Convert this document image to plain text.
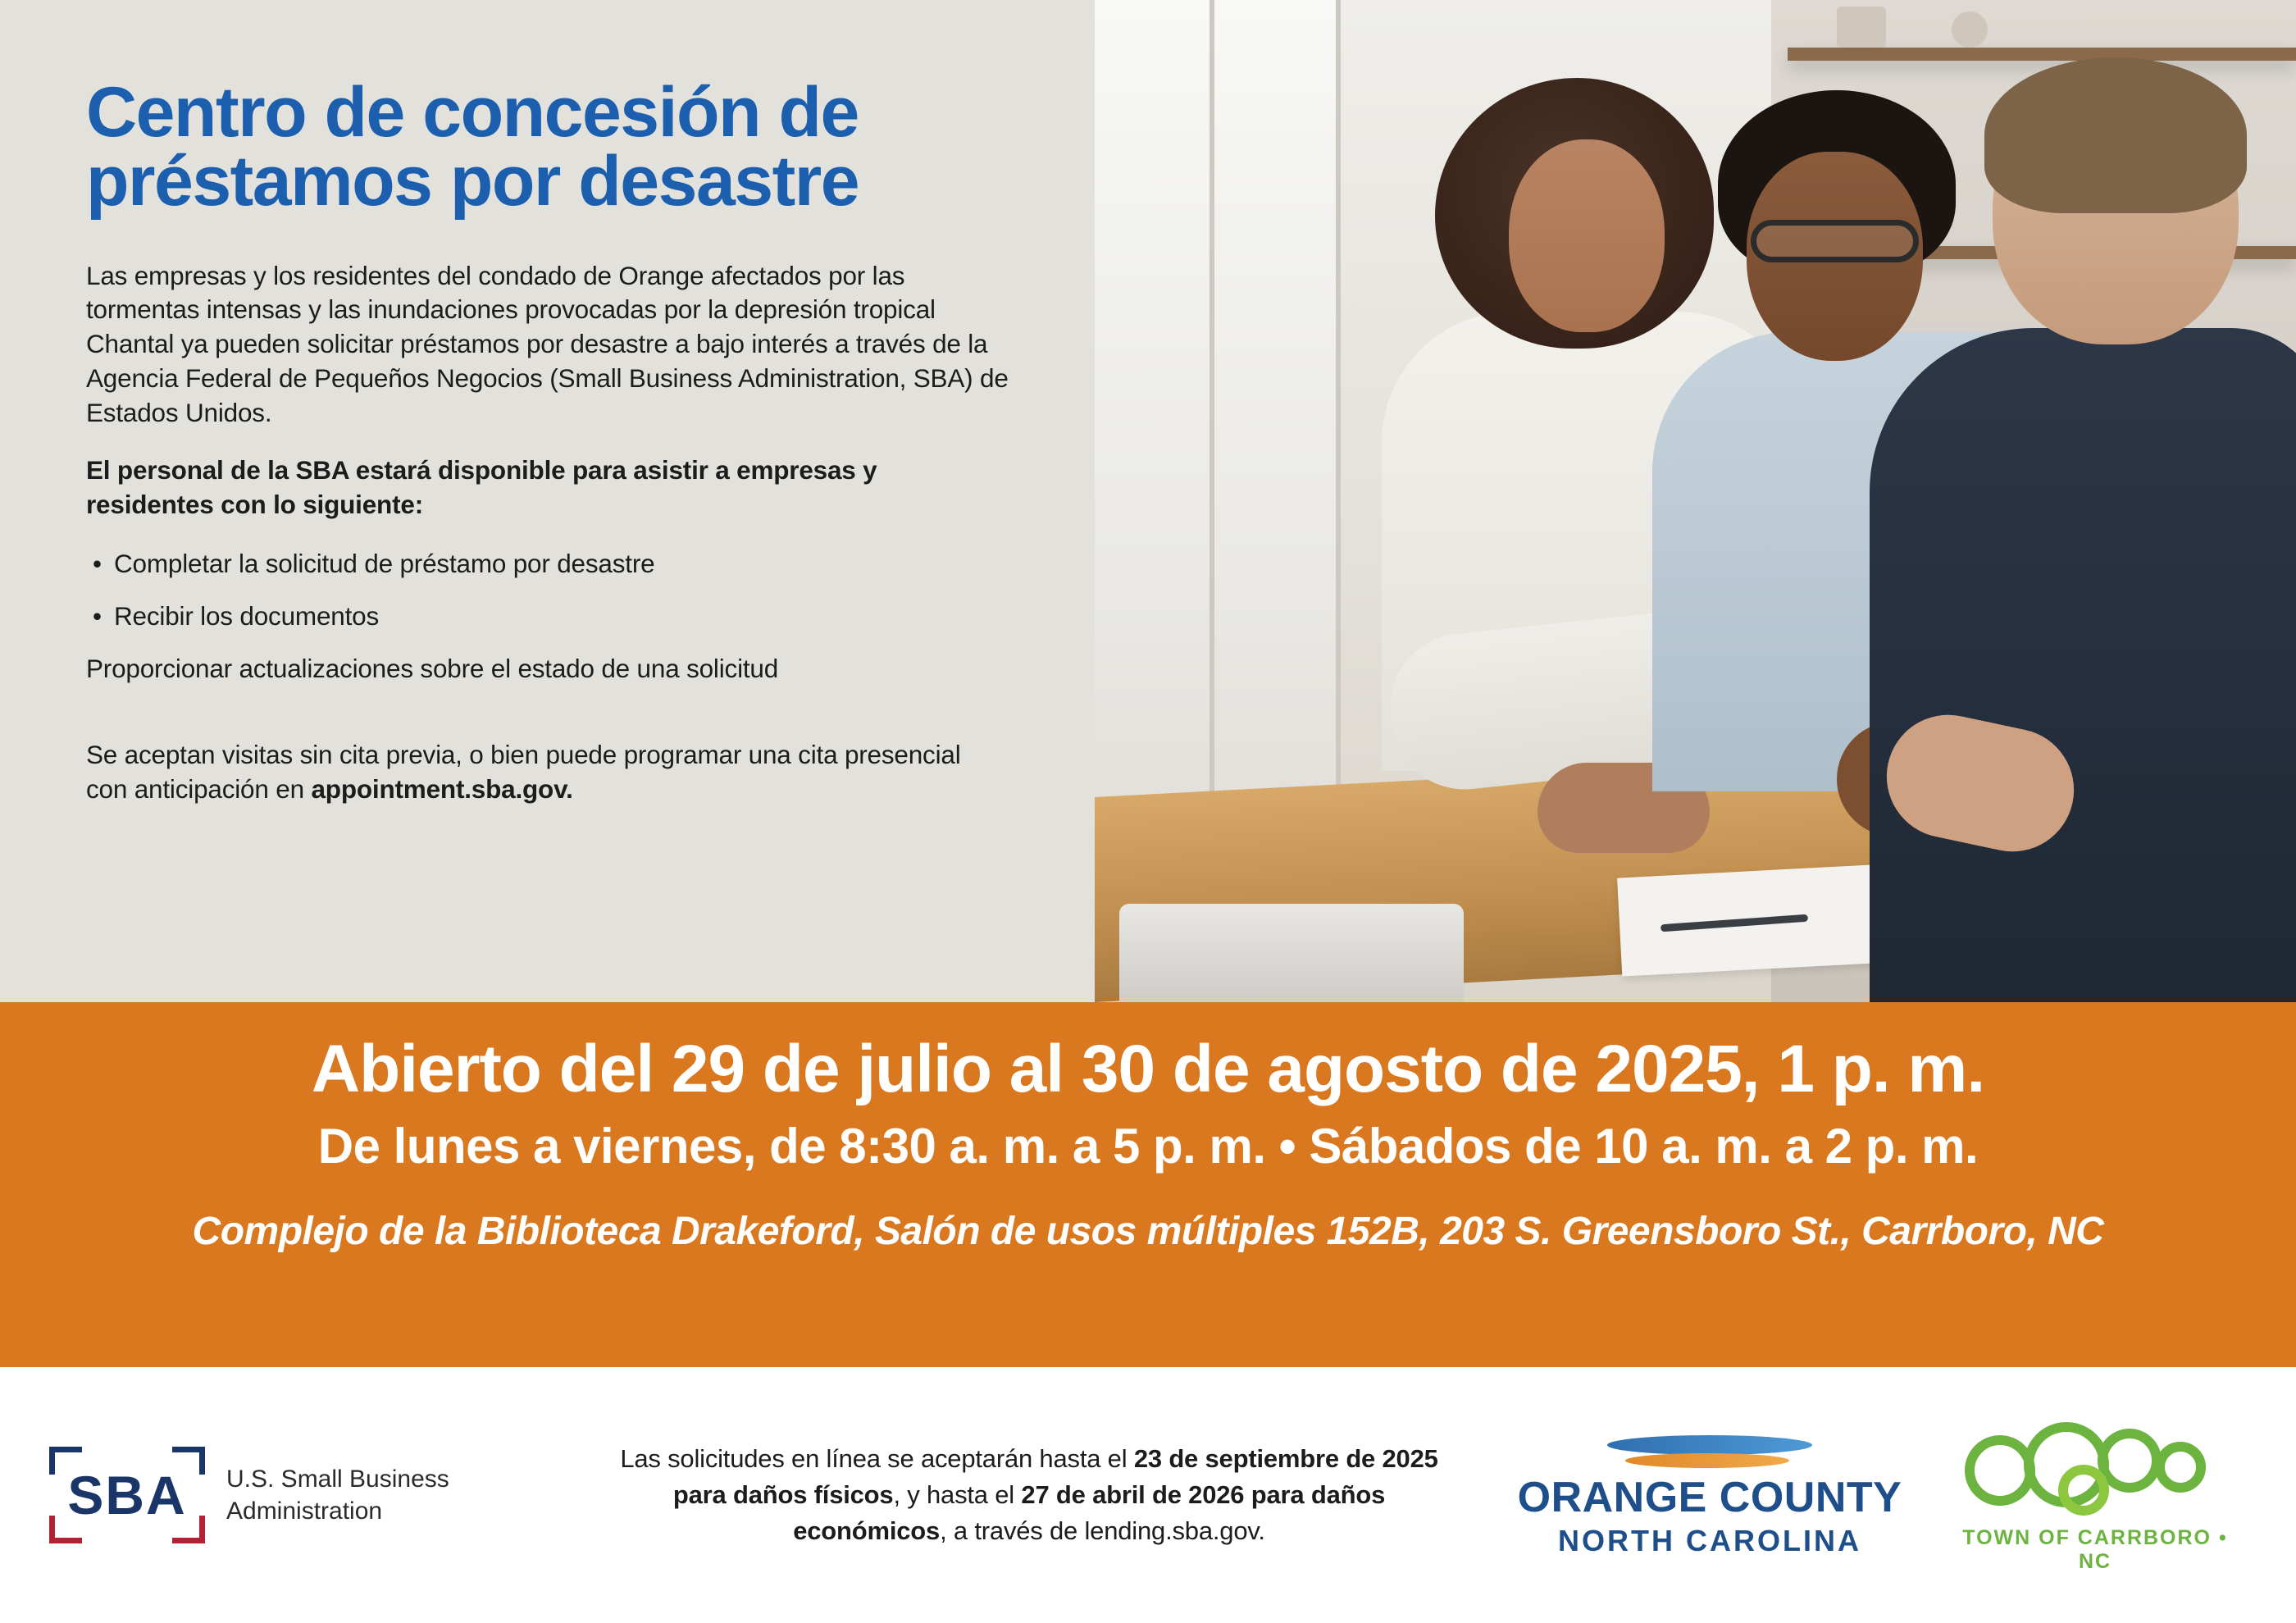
Centro de concesión de préstamos por desastre

Las empresas y los residentes del condado de Orange afectados por las tormentas intensas y las inundaciones provocadas por la depresión tropical Chantal ya pueden solicitar préstamos por desastre a bajo interés a través de la Agencia Federal de Pequeños Negocios (Small Business Administration, SBA) de Estados Unidos.

El personal de la SBA estará disponible para asistir a empresas y residentes con lo siguiente:

• Completar la solicitud de préstamo por desastre
• Recibir los documentos

Proporcionar actualizaciones sobre el estado de una solicitud

Se aceptan visitas sin cita previa, o bien puede programar una cita presencial con anticipación en appointment.sba.gov.

Abierto del 29 de julio al 30 de agosto de 2025, 1 p. m.
De lunes a viernes, de 8:30 a. m. a 5 p. m. • Sábados de 10 a. m. a 2 p. m.
Complejo de la Biblioteca Drakeford, Salón de usos múltiples 152B, 203 S. Greensboro St., Carrboro, NC
SBA	U.S. Small Business
Administration
Las solicitudes en línea se aceptarán hasta el 23 de septiembre de 2025 para daños físicos, y hasta el 27 de abril de 2026 para daños económicos, a través de lending.sba.gov.
ORANGE COUNTY
NORTH CAROLINA	TOWN OF CARRBORO • NC
